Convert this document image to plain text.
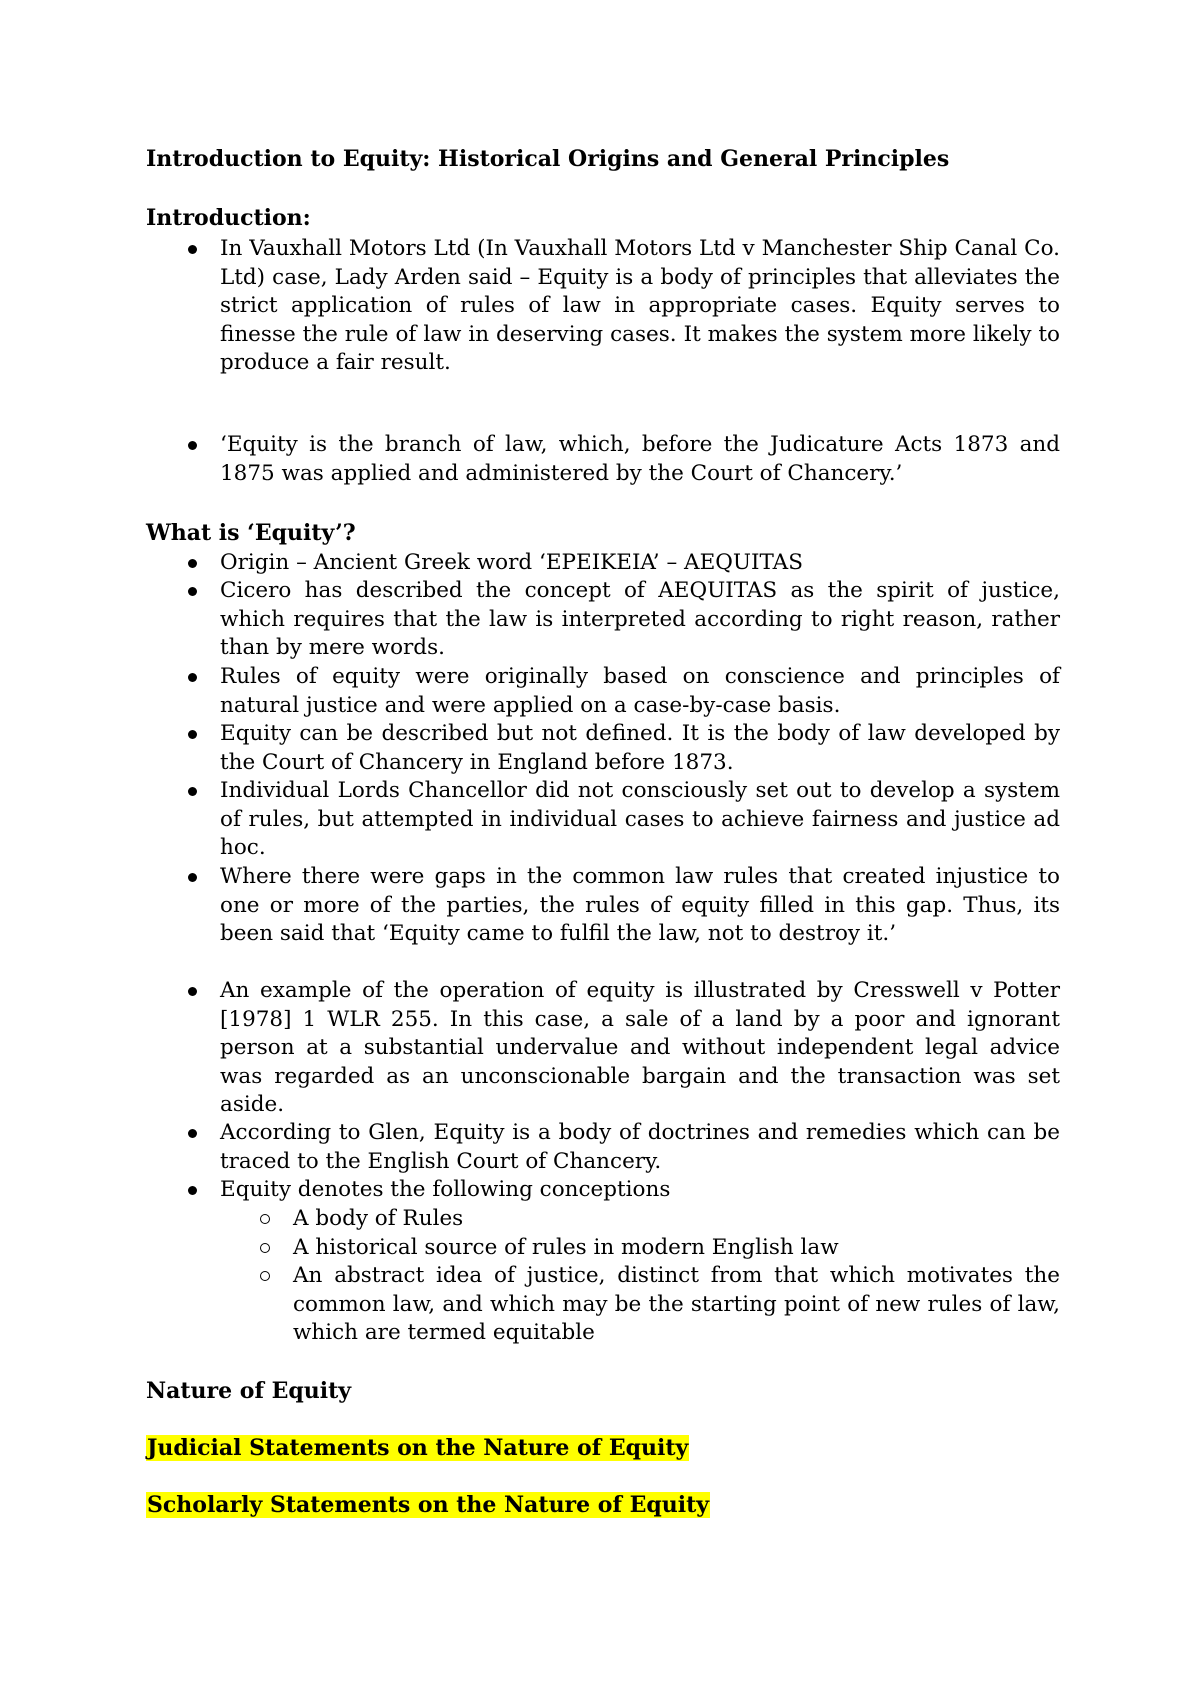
Introduction to Equity: Historical Origins and General Principles
Introduction:
In Vauxhall Motors Ltd (In Vauxhall Motors Ltd v Manchester Ship Canal Co. Ltd) case, Lady Arden said – Equity is a body of principles that alleviates the strict application of rules of law in appropriate cases. Equity serves to finesse the rule of law in deserving cases. It makes the system more likely to produce a fair result.
‘Equity is the branch of law, which, before the Judicature Acts 1873 and 1875 was applied and administered by the Court of Chancery.’
What is ‘Equity’?
Origin – Ancient Greek word ‘EPEIKEIA’ – AEQUITAS
Cicero has described the concept of AEQUITAS as the spirit of justice, which requires that the law is interpreted according to right reason, rather than by mere words.
Rules of equity were originally based on conscience and principles of natural justice and were applied on a case-by-case basis.
Equity can be described but not defined. It is the body of law developed by the Court of Chancery in England before 1873.
Individual Lords Chancellor did not consciously set out to develop a system of rules, but attempted in individual cases to achieve fairness and justice ad hoc.
Where there were gaps in the common law rules that created injustice to one or more of the parties, the rules of equity filled in this gap. Thus, its been said that ‘Equity came to fulfil the law, not to destroy it.’
An example of the operation of equity is illustrated by Cresswell v Potter [1978] 1 WLR 255. In this case, a sale of a land by a poor and ignorant person at a substantial undervalue and without independent legal advice was regarded as an unconscionable bargain and the transaction was set aside.
According to Glen, Equity is a body of doctrines and remedies which can be traced to the English Court of Chancery.
Equity denotes the following conceptions
A body of Rules
A historical source of rules in modern English law
An abstract idea of justice, distinct from that which motivates the common law, and which may be the starting point of new rules of law, which are termed equitable
Nature of Equity
Judicial Statements on the Nature of Equity
Scholarly Statements on the Nature of Equity
